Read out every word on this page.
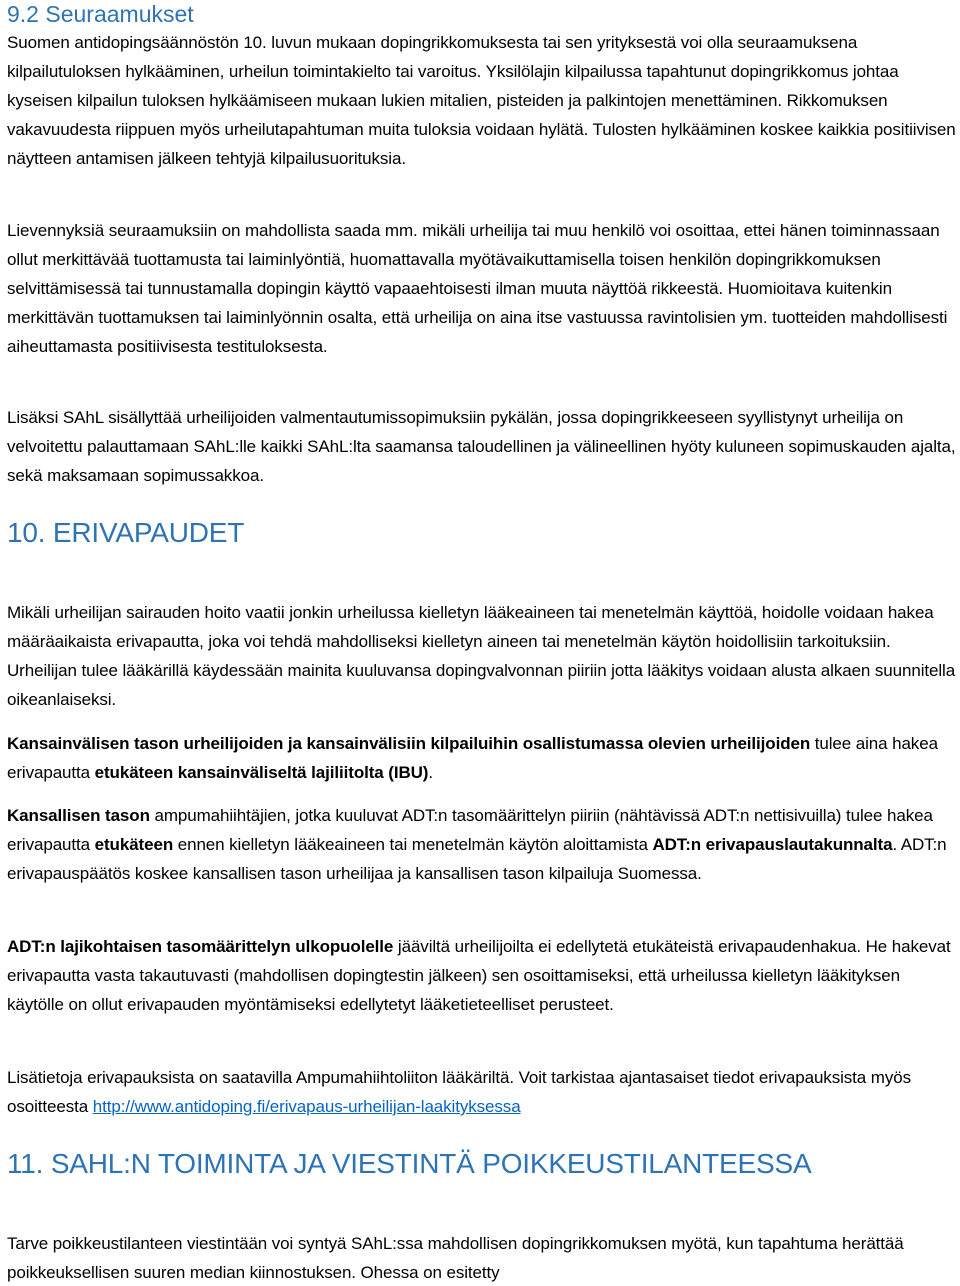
9.2 Seuraamukset

Suomen antidopingsäännöstön 10. luvun mukaan dopingrikkomuksesta tai sen yrityksestä voi olla seuraamuksena kilpailutuloksen hylkääminen, urheilun toimintakielto tai varoitus. Yksilölajin kilpailussa tapahtunut dopingrikkomus johtaa kyseisen kilpailun tuloksen hylkäämiseen mukaan lukien mitalien, pisteiden ja palkintojen menettäminen. Rikkomuksen vakavuudesta riippuen myös urheilutapahtuman muita tuloksia voidaan hylätä. Tulosten hylkääminen koskee kaikkia positiivisen näytteen antamisen jälkeen tehtyjä kilpailusuorituksia.

Lievennyksiä seuraamuksiin on mahdollista saada mm. mikäli urheilija tai muu henkilö voi osoittaa, ettei hänen toiminnassaan ollut merkittävää tuottamusta tai laiminlyöntiä, huomattavalla myötävaikuttamisella toisen henkilön dopingrikkomuksen selvittämisessä tai tunnustamalla dopingin käyttö vapaaehtoisesti ilman muuta näyttöä rikkeestä. Huomioitava kuitenkin merkittävän tuottamuksen tai laiminlyönnin osalta, että urheilija on aina itse vastuussa ravintolisien ym. tuotteiden mahdollisesti aiheuttamasta positiivisesta testituloksesta.

Lisäksi SAhL sisällyttää urheilijoiden valmentautumissopimuksiin pykälän, jossa dopingrikkeeseen syyllistynyt urheilija on velvoitettu palauttamaan SAhL:lle kaikki SAhL:lta saamansa taloudellinen ja välineellinen hyöty kuluneen sopimuskauden ajalta, sekä maksamaan sopimussakkoa.

10. ERIVAPAUDET

Mikäli urheilijan sairauden hoito vaatii jonkin urheilussa kielletyn lääkeaineen tai menetelmän käyttöä, hoidolle voidaan hakea määräaikaista erivapautta, joka voi tehdä mahdolliseksi kielletyn aineen tai menetelmän käytön hoidollisiin tarkoituksiin. Urheilijan tulee lääkärillä käydessään mainita kuuluvansa dopingvalvonnan piiriin jotta lääkitys voidaan alusta alkaen suunnitella oikeanlaiseksi.

Kansainvälisen tason urheilijoiden ja kansainvälisiin kilpailuihin osallistumassa olevien urheilijoiden tulee aina hakea erivapautta etukäteen kansainväliseltä lajiliitolta (IBU).

Kansallisen tason ampumahiihtäjien, jotka kuuluvat ADT:n tasomäärittelyn piiriin (nähtävissä ADT:n nettisivuilla) tulee hakea erivapautta etukäteen ennen kielletyn lääkeaineen tai menetelmän käytön aloittamista ADT:n erivapauslautakunnalta. ADT:n erivapauspäätös koskee kansallisen tason urheilijaa ja kansallisen tason kilpailuja Suomessa.

ADT:n lajikohtaisen tasomäärittelyn ulkopuolelle jääviltä urheilijoilta ei edellytetä etukäteistä erivapaudenhakua. He hakevat erivapautta vasta takautuvasti (mahdollisen dopingtestin jälkeen) sen osoittamiseksi, että urheilussa kielletyn lääkityksen käytölle on ollut erivapauden myöntämiseksi edellytetyt lääketieteelliset perusteet.

Lisätietoja erivapauksista on saatavilla Ampumahiihtoliiton lääkäriltä. Voit tarkistaa ajantasaiset tiedot erivapauksista myös osoitteesta http://www.antidoping.fi/erivapaus-urheilijan-laakityksessa

11. SAHL:N TOIMINTA JA VIESTINTÄ POIKKEUSTILANTEESSA

Tarve poikkeustilanteen viestintään voi syntyä SAhL:ssa mahdollisen dopingrikkomuksen myötä, kun tapahtuma herättää poikkeuksellisen suuren median kiinnostuksen. Ohessa on esitetty
